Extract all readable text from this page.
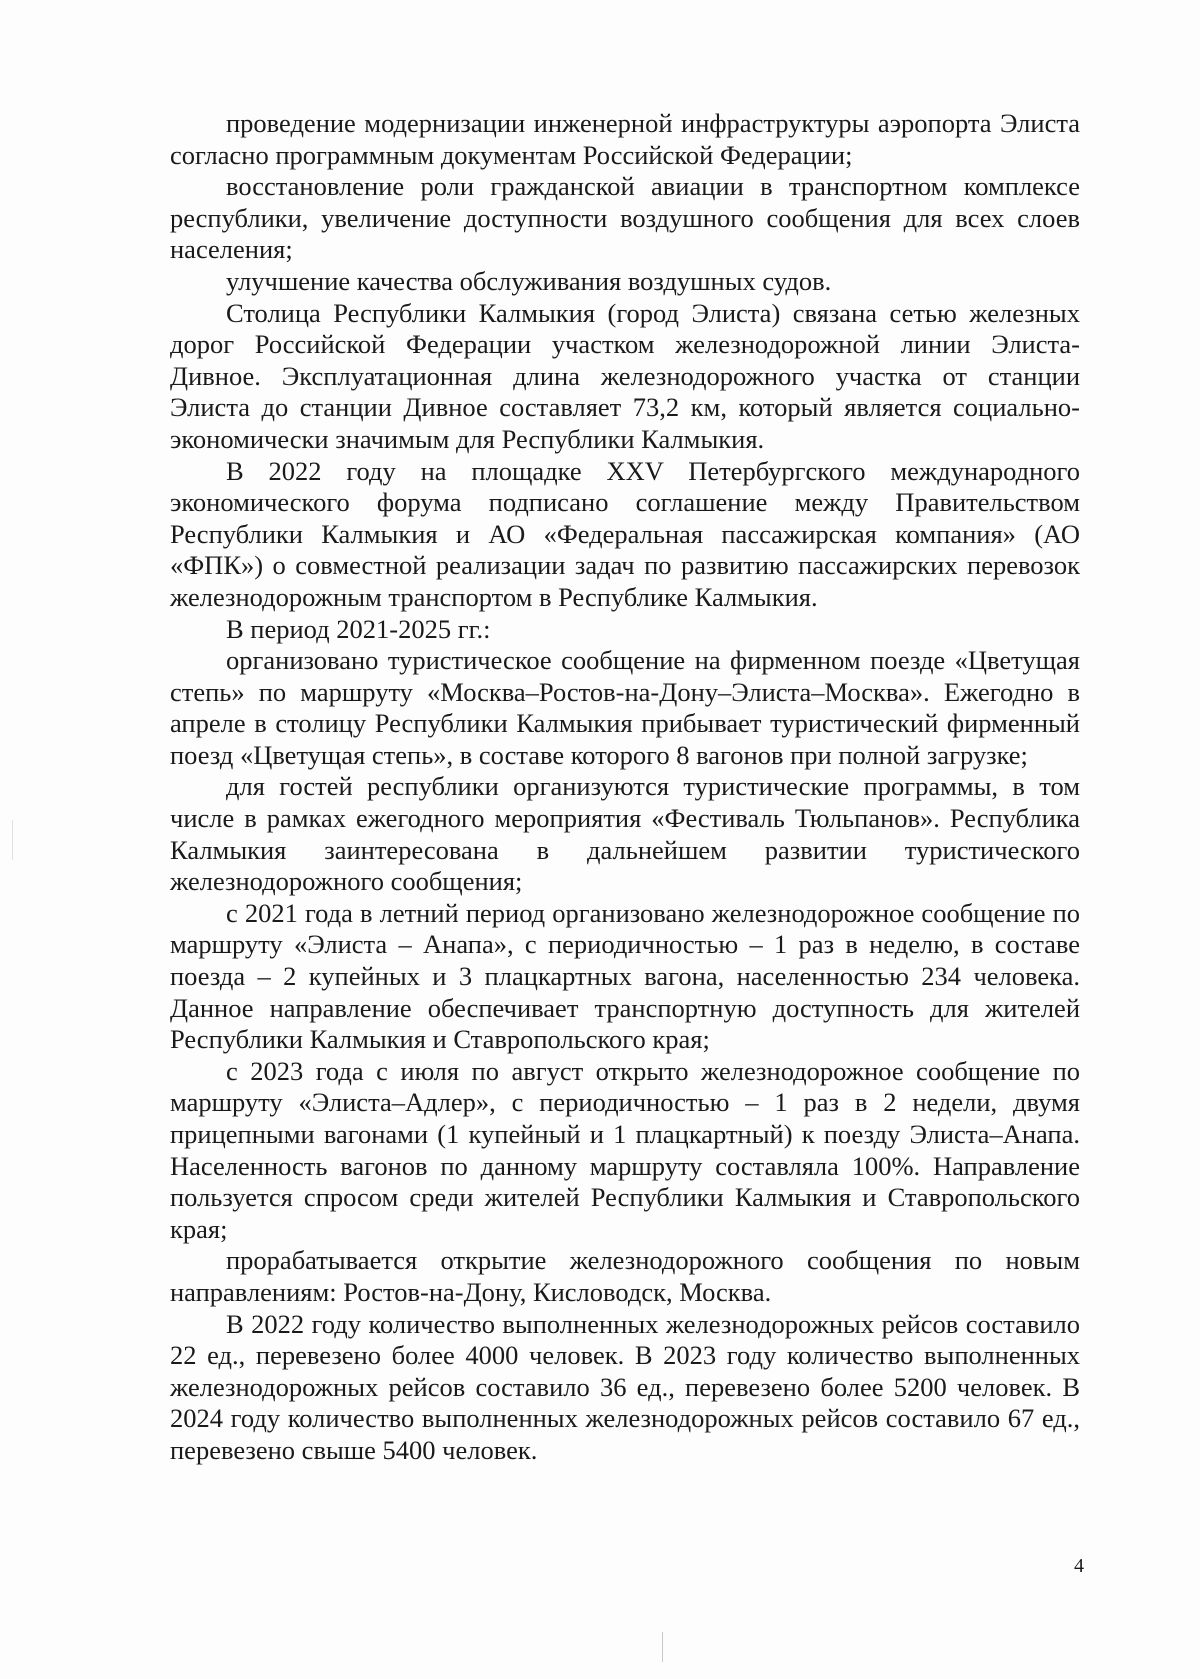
проведение модернизации инженерной инфраструктуры аэропорта Элиста согласно программным документам Российской Федерации;

восстановление роли гражданской авиации в транспортном комплексе республики, увеличение доступности воздушного сообщения для всех слоев населения;

улучшение качества обслуживания воздушных судов.

Столица Республики Калмыкия (город Элиста) связана сетью железных дорог Российской Федерации участком железнодорожной линии Элиста-Дивное. Эксплуатационная длина железнодорожного участка от станции Элиста до станции Дивное составляет 73,2 км, который является социально-экономически значимым для Республики Калмыкия.

В 2022 году на площадке XXV Петербургского международного экономического форума подписано соглашение между Правительством Республики Калмыкия и АО «Федеральная пассажирская компания» (АО «ФПК») о совместной реализации задач по развитию пассажирских перевозок железнодорожным транспортом в Республике Калмыкия.

В период 2021-2025 гг.:

организовано туристическое сообщение на фирменном поезде «Цветущая степь» по маршруту «Москва–Ростов-на-Дону–Элиста–Москва». Ежегодно в апреле в столицу Республики Калмыкия прибывает туристический фирменный поезд «Цветущая степь», в составе которого 8 вагонов при полной загрузке;

для гостей республики организуются туристические программы, в том числе в рамках ежегодного мероприятия «Фестиваль Тюльпанов». Республика Калмыкия заинтересована в дальнейшем развитии туристического железнодорожного сообщения;

с 2021 года в летний период организовано железнодорожное сообщение по маршруту «Элиста – Анапа», с периодичностью – 1 раз в неделю, в составе поезда – 2 купейных и 3 плацкартных вагона, населенностью 234 человека. Данное направление обеспечивает транспортную доступность для жителей Республики Калмыкия и Ставропольского края;

с 2023 года с июля по август открыто железнодорожное сообщение по маршруту «Элиста–Адлер», с периодичностью – 1 раз в 2 недели, двумя прицепными вагонами (1 купейный и 1 плацкартный) к поезду Элиста–Анапа. Населенность вагонов по данному маршруту составляла 100%. Направление пользуется спросом среди жителей Республики Калмыкия и Ставропольского края;

прорабатывается открытие железнодорожного сообщения по новым направлениям: Ростов-на-Дону, Кисловодск, Москва.

В 2022 году количество выполненных железнодорожных рейсов составило 22 ед., перевезено более 4000 человек. В 2023 году количество выполненных железнодорожных рейсов составило 36 ед., перевезено более 5200 человек. В 2024 году количество выполненных железнодорожных рейсов составило 67 ед., перевезено свыше 5400 человек.

4
